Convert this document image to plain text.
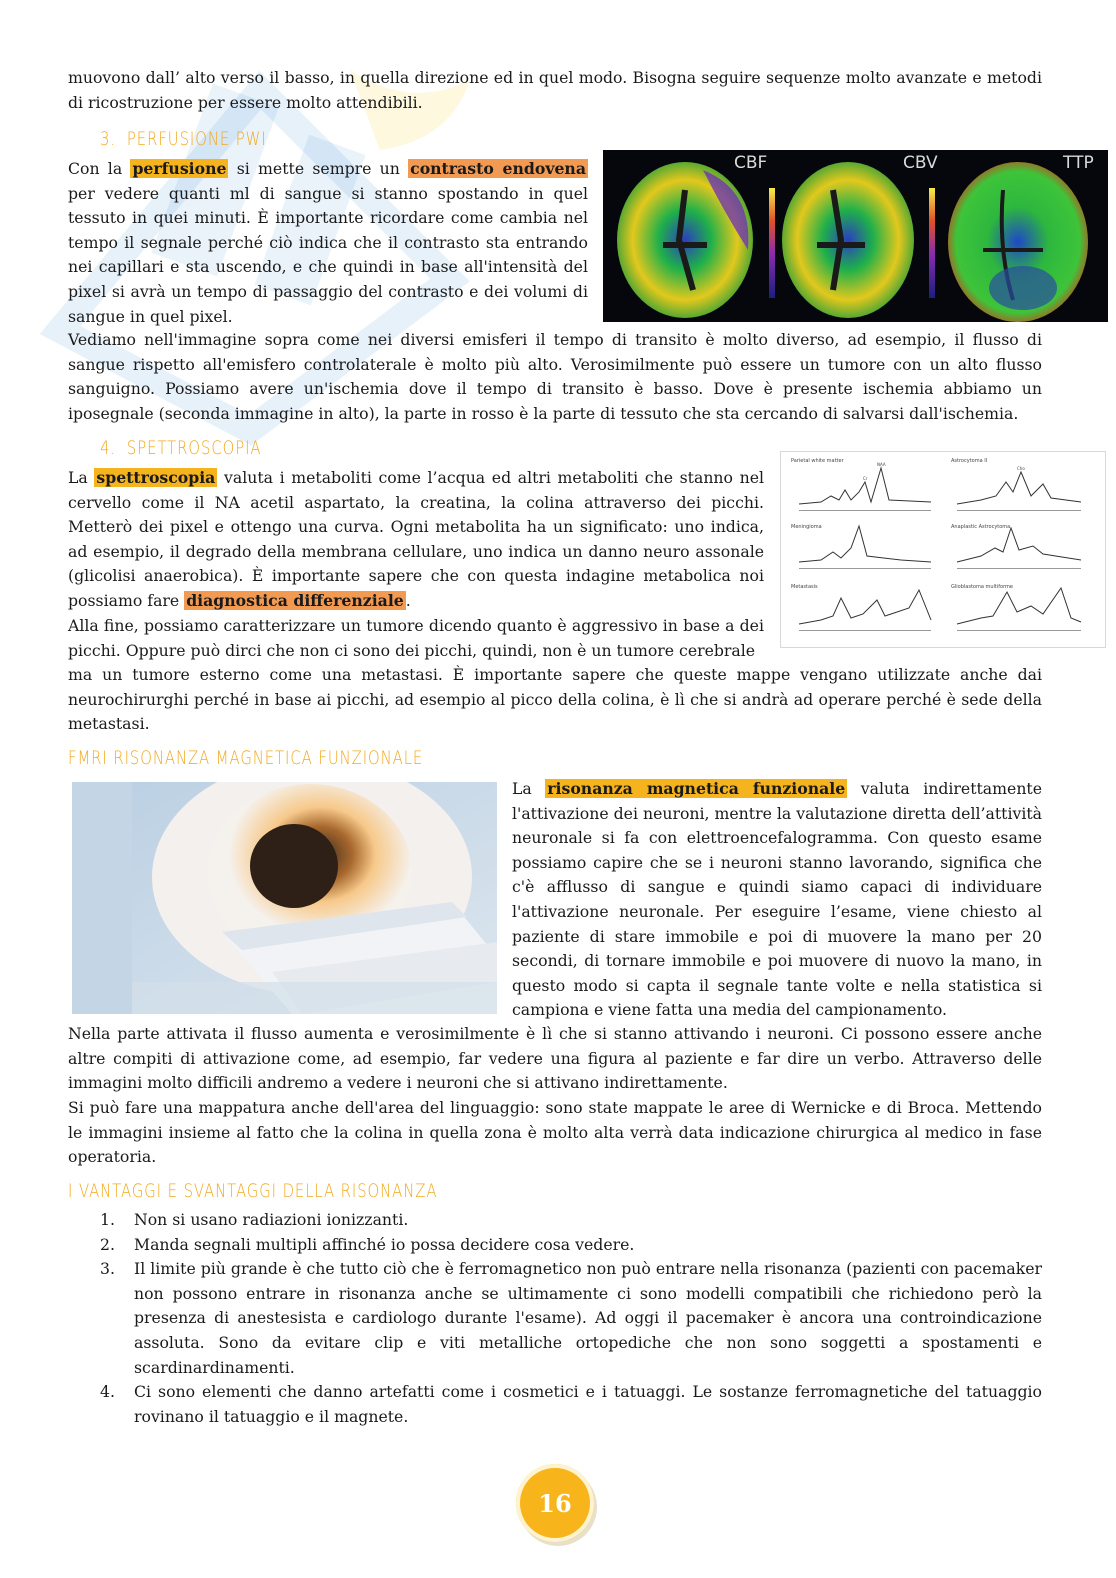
muovono dall’ alto verso il basso, in quella direzione ed in quel modo. Bisogna seguire sequenze molto avanzate e metodi di ricostruzione per essere molto attendibili.

3. PERFUSIONE PWI

Con la perfusione si mette sempre un contrasto endovena per vedere quanti ml di sangue si stanno spostando in quel tessuto in quei minuti. È importante ricordare come cambia nel tempo il segnale perché ciò indica che il contrasto sta entrando nei capillari e sta uscendo, e che quindi in base all'intensità del pixel si avrà un tempo di passaggio del contrasto e dei volumi di sangue in quel pixel.

CBF	CBV	TTP

Vediamo nell'immagine sopra come nei diversi emisferi il tempo di transito è molto diverso, ad esempio, il flusso di sangue rispetto all'emisfero controlaterale è molto più alto. Verosimilmente può essere un tumore con un alto flusso sanguigno. Possiamo avere un'ischemia dove il tempo di transito è basso. Dove è presente ischemia abbiamo un iposegnale (seconda immagine in alto), la parte in rosso è la parte di tessuto che sta cercando di salvarsi dall'ischemia.

4. SPETTROSCOPIA

La spettroscopia valuta i metaboliti come l’acqua ed altri metaboliti che stanno nel cervello come il NA acetil aspartato, la creatina, la colina attraverso dei picchi. Metterò dei pixel e ottengo una curva. Ogni metabolita ha un significato: uno indica, ad esempio, il degrado della membrana cellulare, uno indica un danno neuro assonale (glicolisi anaerobica). È importante sapere che con questa indagine metabolica noi possiamo fare diagnostica differenziale .

Alla fine, possiamo caratterizzare un tumore dicendo quanto è aggressivo in base a dei picchi. Oppure può dirci che non ci sono dei picchi, quindi, non è un tumore cerebrale

ma un tumore esterno come una metastasi. È importante sapere che queste mappe vengano utilizzate anche dai neurochirurghi perché in base ai picchi, ad esempio al picco della colina, è lì che si andrà ad operare perché è sede della metastasi.

Parietal white matter	Astrocytoma II
Meningioma	Anaplastic Astrocytoma
Metastasis	Glioblastoma multiforme
NAA
Cho
Cr
FMRI RISONANZA MAGNETICA FUNZIONALE

La risonanza magnetica funzionale valuta indirettamente l'attivazione dei neuroni, mentre la valutazione diretta dell’attività neuronale si fa con elettroencefalogramma. Con questo esame possiamo capire che se i neuroni stanno lavorando, significa che c'è afflusso di sangue e quindi siamo capaci di individuare l'attivazione neuronale. Per eseguire l’esame, viene chiesto al paziente di stare immobile e poi di muovere la mano per 20 secondi, di tornare immobile e poi muovere di nuovo la mano, in questo modo si capta il segnale tante volte e nella statistica si campiona e viene fatta una media del campionamento.

Nella parte attivata il flusso aumenta e verosimilmente è lì che si stanno attivando i neuroni. Ci possono essere anche altre compiti di attivazione come, ad esempio, far vedere una figura al paziente e far dire un verbo. Attraverso delle immagini molto difficili andremo a vedere i neuroni che si attivano indirettamente.

Si può fare una mappatura anche dell'area del linguaggio: sono state mappate le aree di Wernicke e di Broca. Mettendo le immagini insieme al fatto che la colina in quella zona è molto alta verrà data indicazione chirurgica al medico in fase operatoria.

I VANTAGGI E SVANTAGGI DELLA RISONANZA
1. Non si usano radiazioni ionizzanti.
2. Manda segnali multipli affinché io possa decidere cosa vedere.
3. Il limite più grande è che tutto ciò che è ferromagnetico non può entrare nella risonanza (pazienti con pacemaker non possono entrare in risonanza anche se ultimamente ci sono modelli compatibili che richiedono però la presenza di anestesista e cardiologo durante l'esame). Ad oggi il pacemaker è ancora una controindicazione assoluta. Sono da evitare clip e viti metalliche ortopediche che non sono soggetti a spostamenti e scardinardinamenti.
4. Ci sono elementi che danno artefatti come i cosmetici e i tatuaggi. Le sostanze ferromagnetiche del tatuaggio rovinano il tatuaggio e il magnete.
16
